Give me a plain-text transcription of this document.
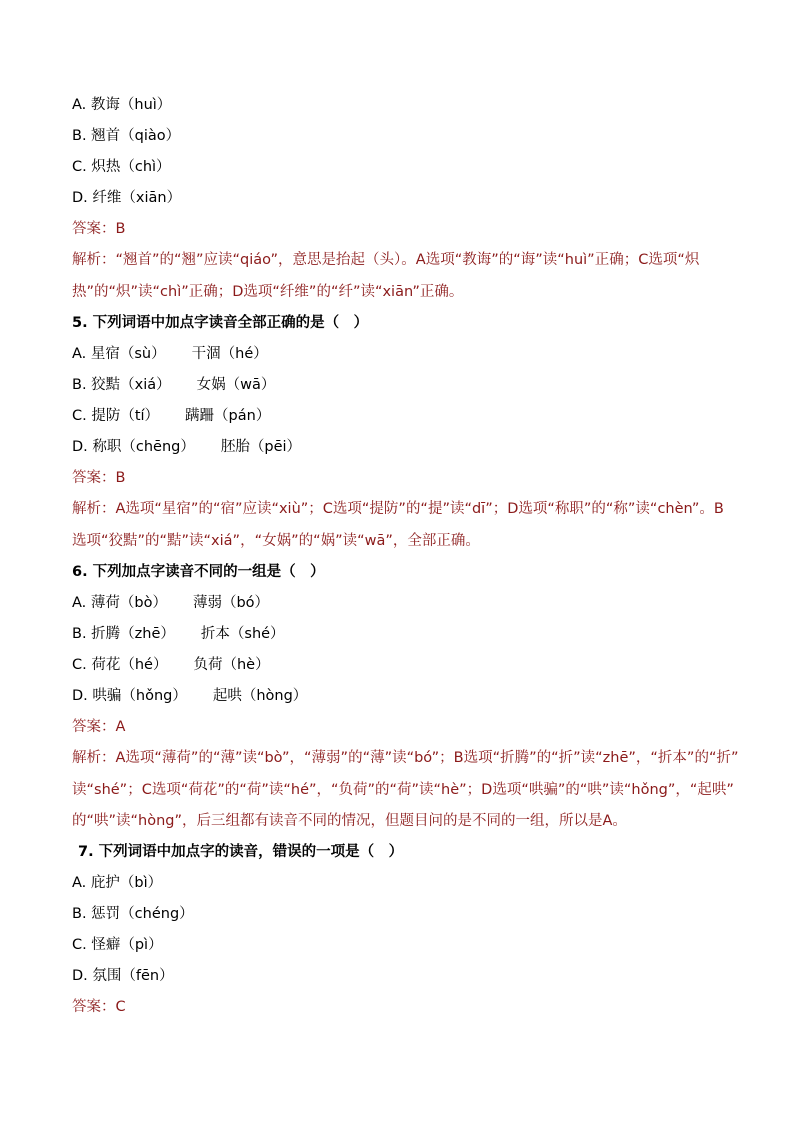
A. 教诲（huì）
B. 翘首（qiào）
C. 炽热（chì）
D. 纤维（xiān）
答案：B
解析：“翘首”的“翘”应读“qiáo”，意思是抬起（头）。A选项“教诲”的“诲”读“huì”正确；C选项“炽
热”的“炽”读“chì”正确；D选项“纤维”的“纤”读“xiān”正确。
5. 下列词语中加点字读音全部正确的是（　）
A. 星宿（sù） 干涸（hé）
B. 狡黠（xiá） 女娲（wā）
C. 提防（tí） 蹒跚（pán）
D. 称职（chēng） 胚胎（pēi）
答案：B
解析：A选项“星宿”的“宿”应读“xiù”；C选项“提防”的“提”读“dī”；D选项“称职”的“称”读“chèn”。B
选项“狡黠”的“黠”读“xiá”，“女娲”的“娲”读“wā”，全部正确。
6. 下列加点字读音不同的一组是（　）
A. 薄荷（bò） 薄弱（bó）
B. 折腾（zhē） 折本（shé）
C. 荷花（hé） 负荷（hè）
D. 哄骗（hǒng） 起哄（hòng）
答案：A
解析：A选项“薄荷”的“薄”读“bò”，“薄弱”的“薄”读“bó”；B选项“折腾”的“折”读“zhē”，“折本”的“折”
读“shé”；C选项“荷花”的“荷”读“hé”，“负荷”的“荷”读“hè”；D选项“哄骗”的“哄”读“hǒng”，“起哄”
的“哄”读“hòng”，后三组都有读音不同的情况，但题目问的是不同的一组，所以是A。
7. 下列词语中加点字的读音，错误的一项是（　）
A. 庇护（bì）
B. 惩罚（chéng）
C. 怪癖（pì）
D. 氛围（fēn）
答案：C
